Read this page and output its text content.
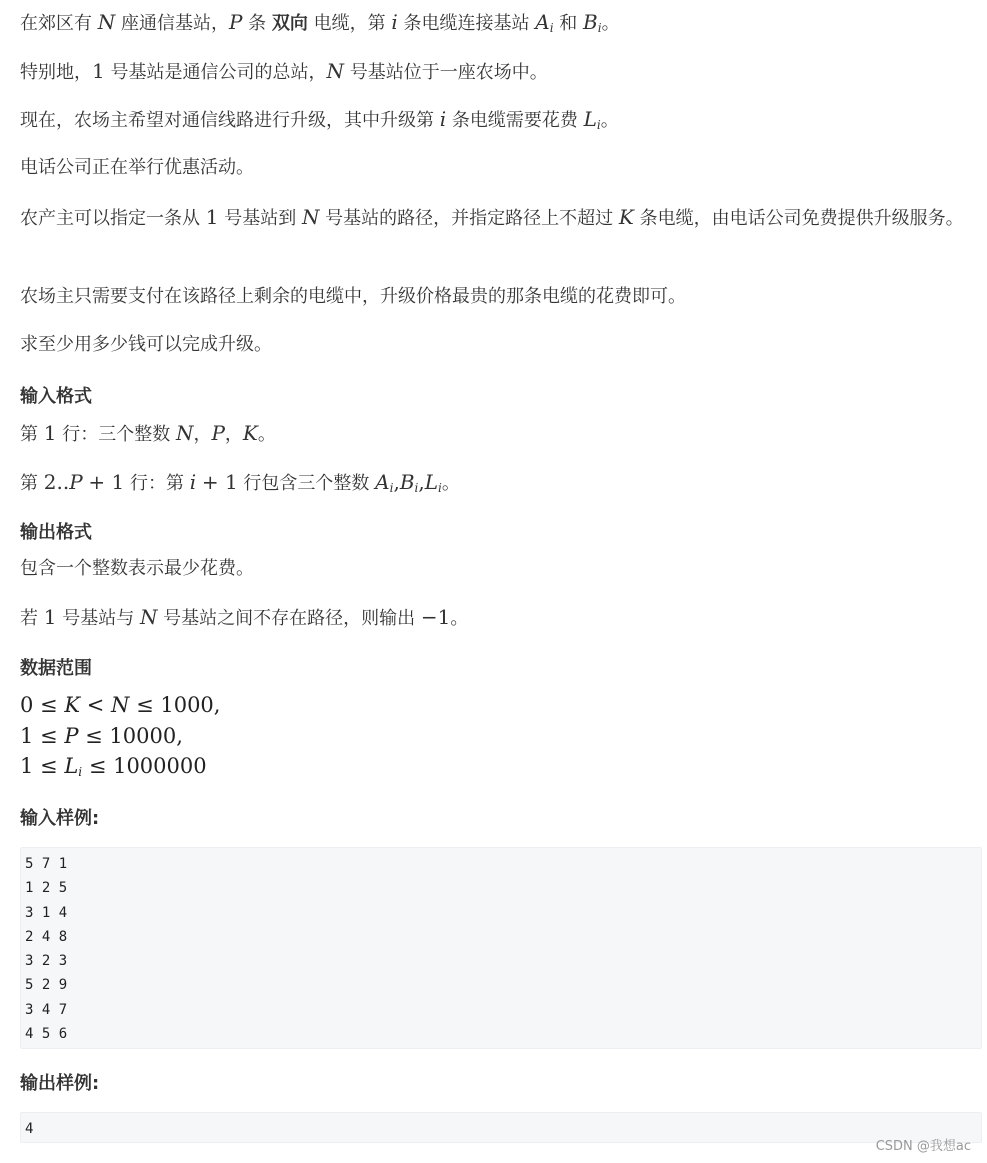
在郊区有 N 座通信基站，P 条 双向 电缆，第 i 条电缆连接基站 $A_i$ 和 $B_i$。

特别地，1 号基站是通信公司的总站，N 号基站位于一座农场中。

现在，农场主希望对通信线路进行升级，其中升级第 i 条电缆需要花费 $L_i$。

电话公司正在举行优惠活动。

农产主可以指定一条从 1 号基站到 N 号基站的路径，并指定路径上不超过 K 条电缆，由电话公司免费提供升级服务。

农场主只需要支付在该路径上剩余的电缆中，升级价格最贵的那条电缆的花费即可。

求至少用多少钱可以完成升级。

输入格式

第 1 行：三个整数 N，P，K。

第 2..P + 1 行：第 i + 1 行包含三个整数 $A_i,B_i,L_i$。

输出格式

包含一个整数表示最少花费。

若 1 号基站与 N 号基站之间不存在路径，则输出 −1。

数据范围
0 ≤ K < N ≤ 1000,
1 ≤ P ≤ 10000,
$1 \le L_i \le 1000000$
输入样例:
5 7 1
1 2 5
3 1 4
2 4 8
3 2 3
5 2 9
3 4 7
4 5 6
输出样例:
4
CSDN @我想ac
